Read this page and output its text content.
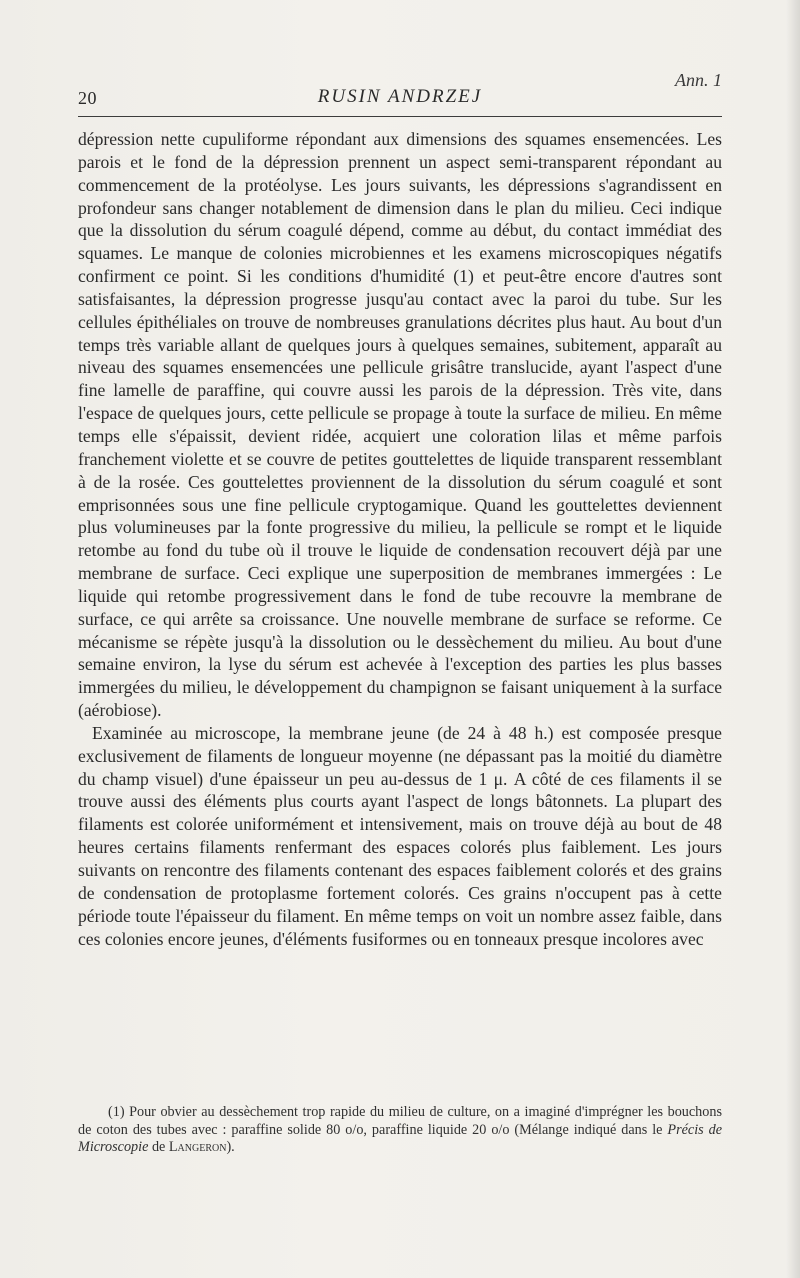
20	RUSIN ANDRZEJ
Ann. 1

dépression nette cupuliforme répondant aux dimensions des squames ensemencées. Les parois et le fond de la dépression prennent un aspect semi-transparent répondant au commencement de la protéolyse. Les jours suivants, les dépressions s'agrandissent en profondeur sans changer notablement de dimension dans le plan du milieu. Ceci indique que la dissolution du sérum coagulé dépend, comme au début, du contact immédiat des squames. Le manque de colonies microbiennes et les examens microscopiques négatifs confirment ce point. Si les conditions d'humidité (1) et peut-être encore d'autres sont satisfaisantes, la dépression progresse jusqu'au contact avec la paroi du tube. Sur les cellules épithéliales on trouve de nombreuses granulations décrites plus haut. Au bout d'un temps très variable allant de quelques jours à quelques semaines, subitement, apparaît au niveau des squames ensemencées une pellicule grisâtre translucide, ayant l'aspect d'une fine lamelle de paraffine, qui couvre aussi les parois de la dépression. Très vite, dans l'espace de quelques jours, cette pellicule se propage à toute la surface de milieu. En même temps elle s'épaissit, devient ridée, acquiert une coloration lilas et même parfois franchement violette et se couvre de petites gouttelettes de liquide transparent ressemblant à de la rosée. Ces gouttelettes proviennent de la dissolution du sérum coagulé et sont emprisonnées sous une fine pellicule cryptogamique. Quand les gouttelettes deviennent plus volumineuses par la fonte progressive du milieu, la pellicule se rompt et le liquide retombe au fond du tube où il trouve le liquide de condensation recouvert déjà par une membrane de surface. Ceci explique une superposition de membranes immergées : Le liquide qui retombe progressivement dans le fond de tube recouvre la membrane de surface, ce qui arrête sa croissance. Une nouvelle membrane de surface se reforme. Ce mécanisme se répète jusqu'à la dissolution ou le dessèchement du milieu. Au bout d'une semaine environ, la lyse du sérum est achevée à l'exception des parties les plus basses immergées du milieu, le développement du champignon se faisant uniquement à la surface (aérobiose).

Examinée au microscope, la membrane jeune (de 24 à 48 h.) est composée presque exclusivement de filaments de longueur moyenne (ne dépassant pas la moitié du diamètre du champ visuel) d'une épaisseur un peu au-dessus de 1 μ. A côté de ces filaments il se trouve aussi des éléments plus courts ayant l'aspect de longs bâtonnets. La plupart des filaments est colorée uniformément et intensivement, mais on trouve déjà au bout de 48 heures certains filaments renfermant des espaces colorés plus faiblement. Les jours suivants on rencontre des filaments contenant des espaces faiblement colorés et des grains de condensation de protoplasme fortement colorés. Ces grains n'occupent pas à cette période toute l'épaisseur du filament. En même temps on voit un nombre assez faible, dans ces colonies encore jeunes, d'éléments fusiformes ou en tonneaux presque incolores avec

(1) Pour obvier au dessèchement trop rapide du milieu de culture, on a imaginé d'imprégner les bouchons de coton des tubes avec : paraffine solide 80 o/o, paraffine liquide 20 o/o (Mélange indiqué dans le Précis de Microscopie de Langeron).
